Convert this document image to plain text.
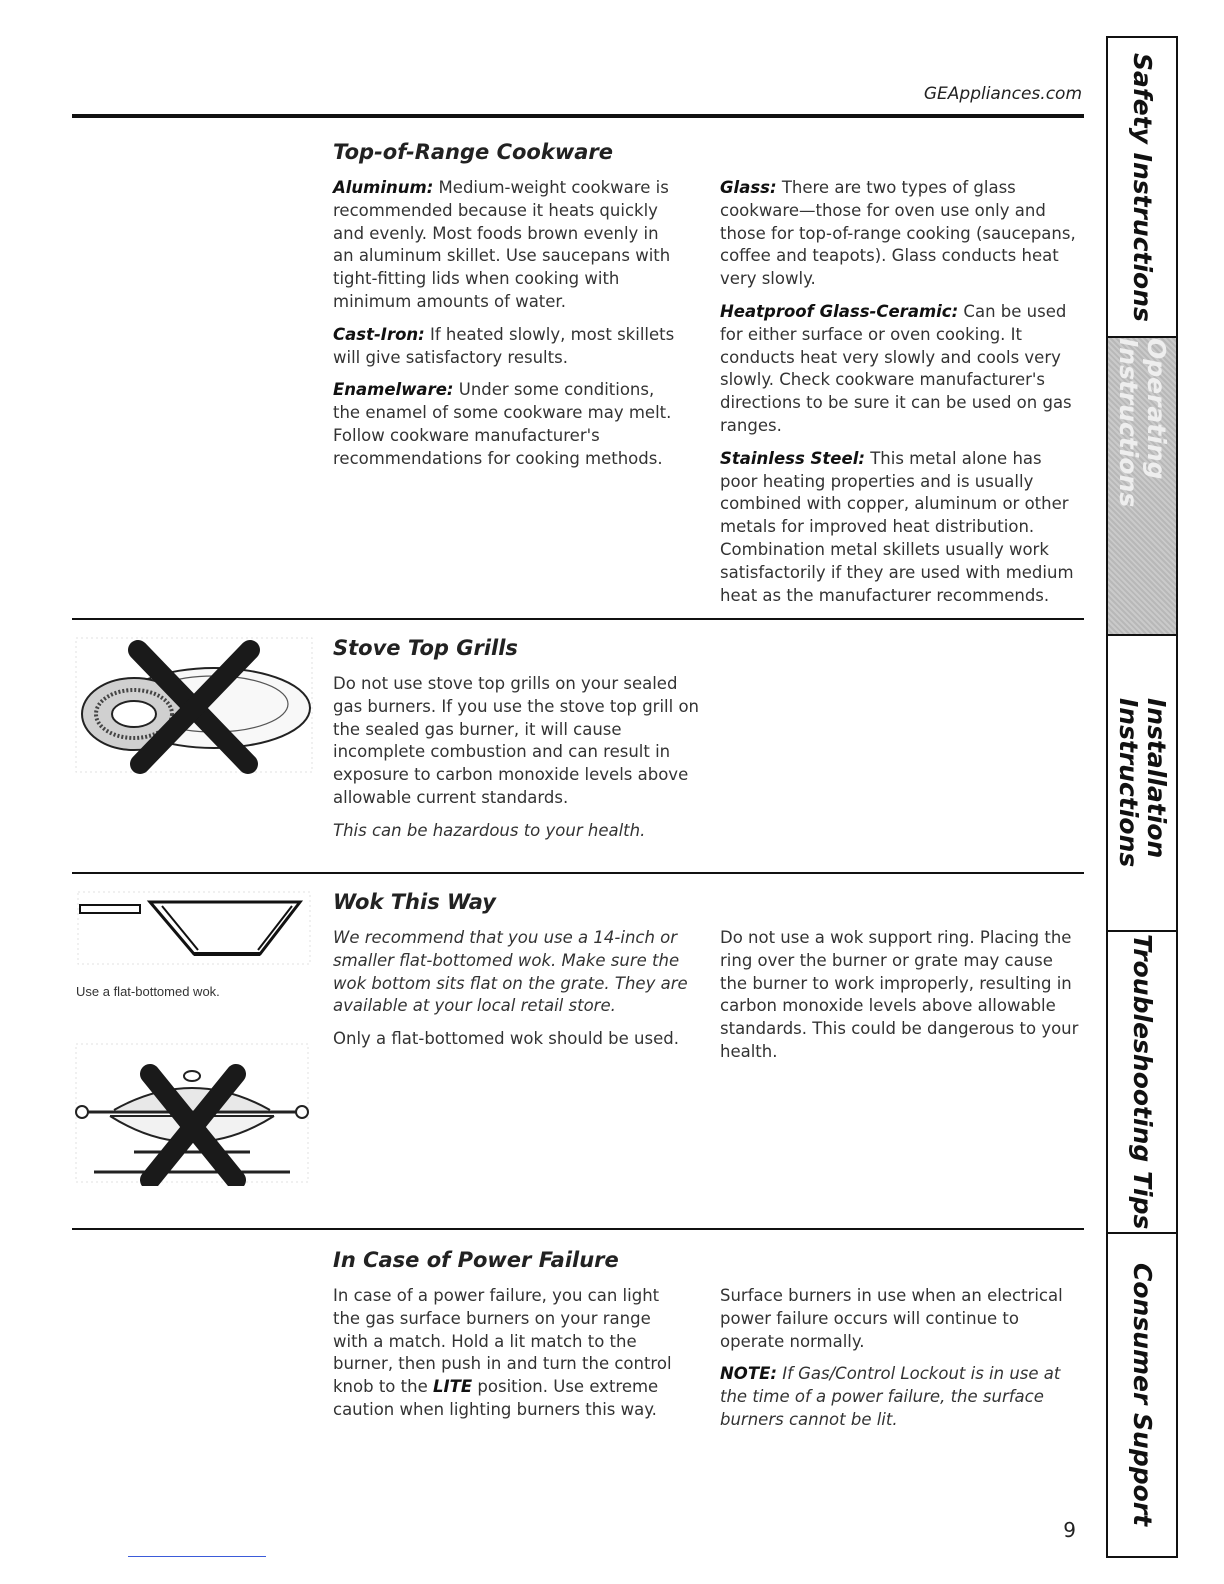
GEAppliances.com
Top-of-Range Cookware

Aluminum: Medium-weight cookware is recommended because it heats quickly and evenly. Most foods brown evenly in an aluminum skillet. Use saucepans with tight-fitting lids when cooking with minimum amounts of water.

Cast-Iron: If heated slowly, most skillets will give satisfactory results.

Enamelware: Under some conditions, the enamel of some cookware may melt. Follow cookware manufacturer's recommendations for cooking methods.

Glass: There are two types of glass cookware—those for oven use only and those for top-of-range cooking (saucepans, coffee and teapots). Glass conducts heat very slowly.

Heatproof Glass-Ceramic: Can be used for either surface or oven cooking. It conducts heat very slowly and cools very slowly. Check cookware manufacturer's directions to be sure it can be used on gas ranges.

Stainless Steel: This metal alone has poor heating properties and is usually combined with copper, aluminum or other metals for improved heat distribution. Combination metal skillets usually work satisfactorily if they are used with medium heat as the manufacturer recommends.

Stove Top Grills

Do not use stove top grills on your sealed gas burners. If you use the stove top grill on the sealed gas burner, it will cause incomplete combustion and can result in exposure to carbon monoxide levels above allowable current standards.

This can be hazardous to your health.

Use a flat-bottomed wok.
Wok This Way

We recommend that you use a 14-inch or smaller flat-bottomed wok. Make sure the wok bottom sits flat on the grate. They are available at your local retail store.

Only a flat-bottomed wok should be used.

Do not use a wok support ring. Placing the ring over the burner or grate may cause the burner to work improperly, resulting in carbon monoxide levels above allowable standards. This could be dangerous to your health.

In Case of Power Failure

In case of a power failure, you can light the gas surface burners on your range with a match. Hold a lit match to the burner, then push in and turn the control knob to the LITE position. Use extreme caution when lighting burners this way.

Surface burners in use when an electrical power failure occurs will continue to operate normally.

NOTE: If Gas/Control Lockout is in use at the time of a power failure, the surface burners cannot be lit.

9
Safety Instructions
Operating Instructions
Installation
Instructions
Troubleshooting Tips
Consumer Support
